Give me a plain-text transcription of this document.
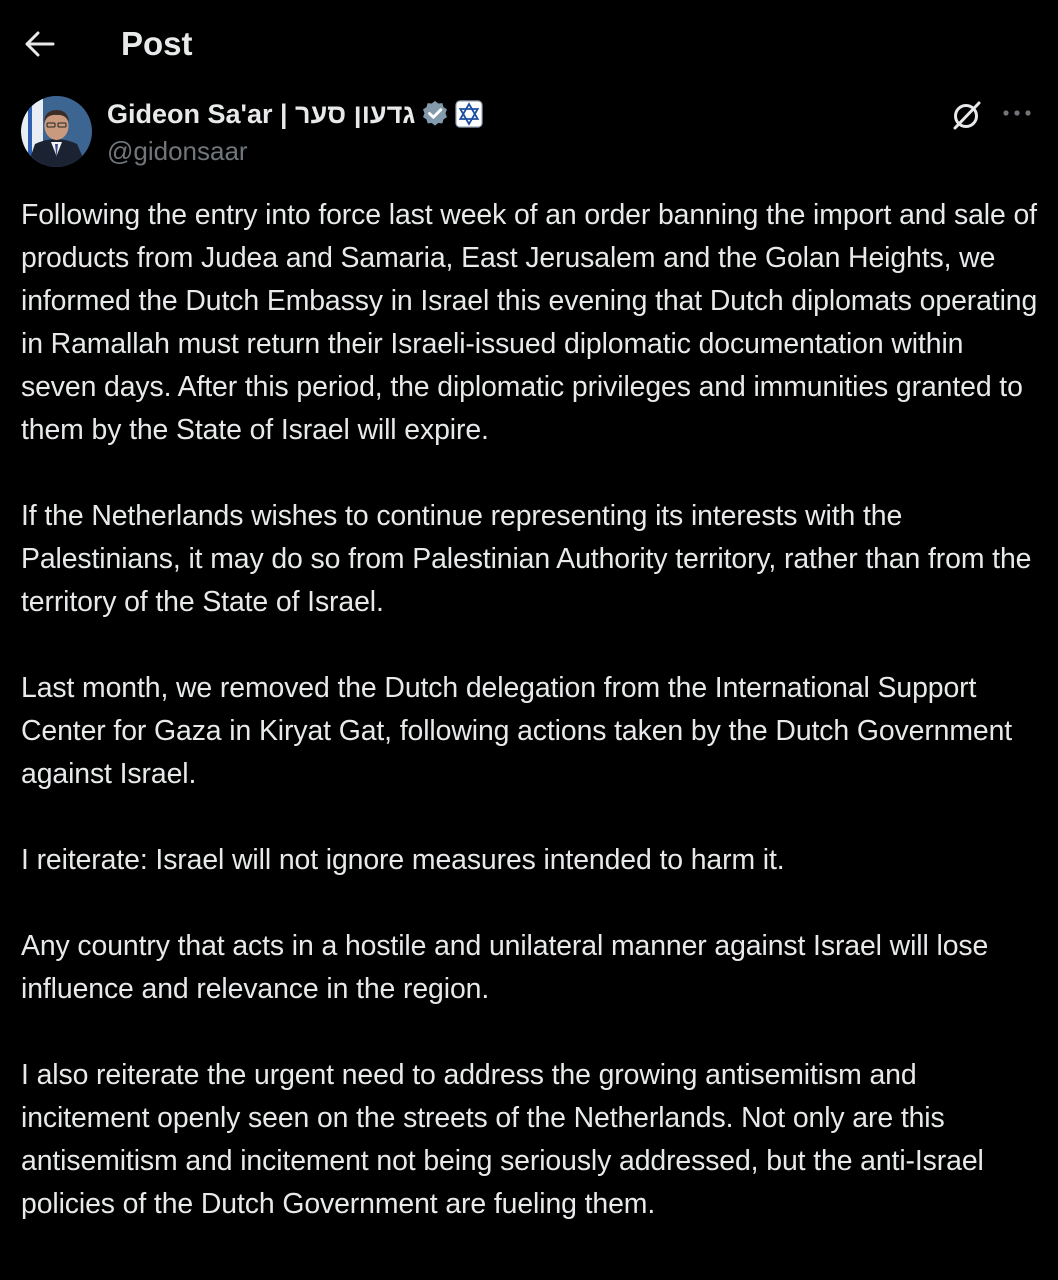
Post
Gideon Sa'ar | גדעון סער
@gidonsaar

Following the entry into force last week of an order banning the import and sale of products from Judea and Samaria, East Jerusalem and the Golan Heights, we informed the Dutch Embassy in Israel this evening that Dutch diplomats operating in Ramallah must return their Israeli-issued diplomatic documentation within seven days. After this period, the diplomatic privileges and immunities granted to them by the State of Israel will expire.

If the Netherlands wishes to continue representing its interests with the Palestinians, it may do so from Palestinian Authority territory, rather than from the territory of the State of Israel.

Last month, we removed the Dutch delegation from the International Support Center for Gaza in Kiryat Gat, following actions taken by the Dutch Government against Israel.

I reiterate: Israel will not ignore measures intended to harm it.

Any country that acts in a hostile and unilateral manner against Israel will lose influence and relevance in the region.

I also reiterate the urgent need to address the growing antisemitism and incitement openly seen on the streets of the Netherlands. Not only are this antisemitism and incitement not being seriously addressed, but the anti-Israel policies of the Dutch Government are fueling them.
